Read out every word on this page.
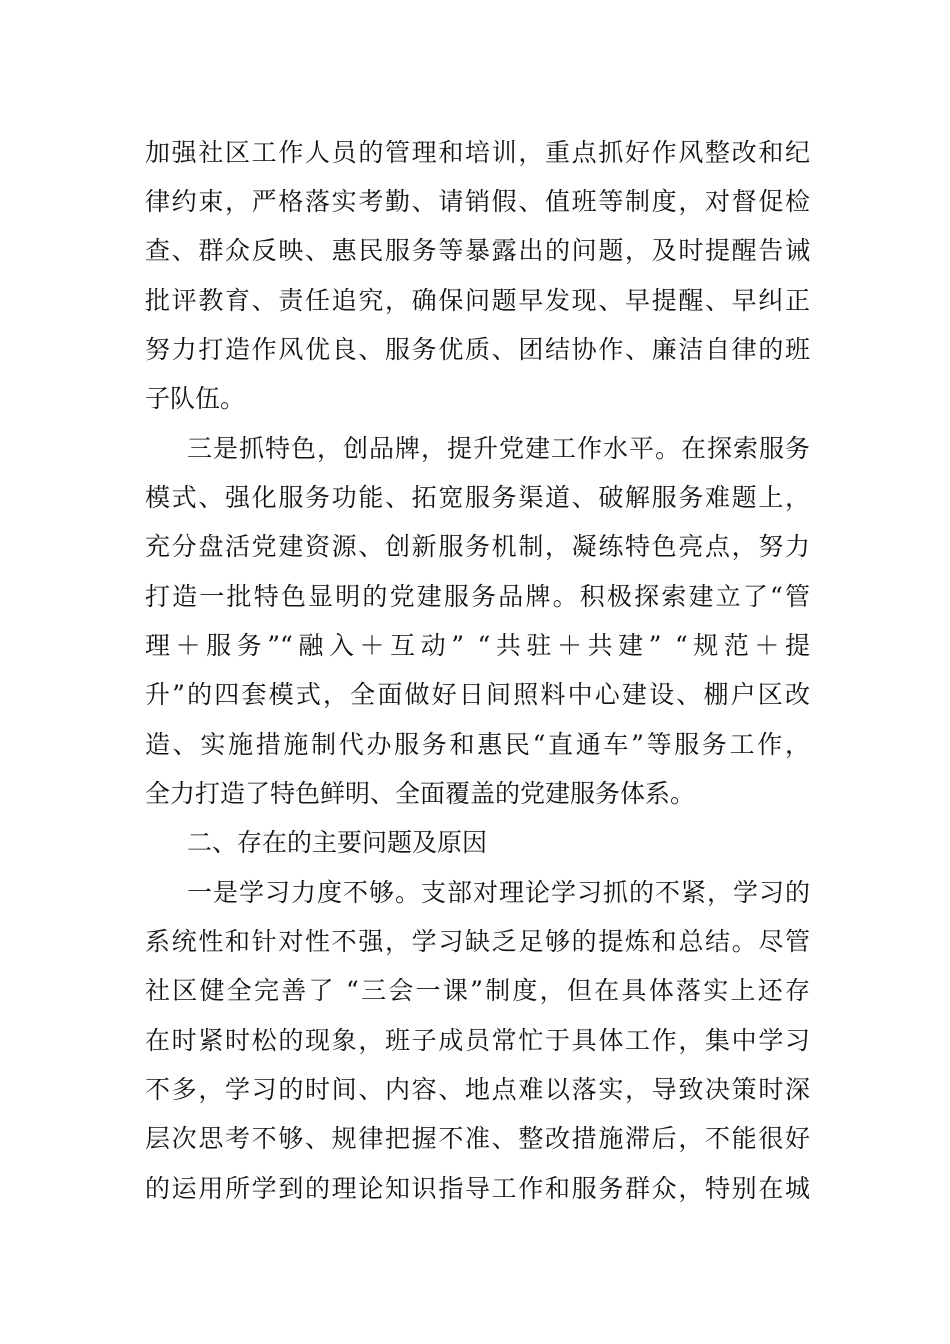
加强社区工作人员的管理和培训，重点抓好作风整改和纪
律约束，严格落实考勤、请销假、值班等制度，对督促检
查、群众反映、惠民服务等暴露出的问题，及时提醒告诫
批评教育、责任追究，确保问题早发现、早提醒、早纠正
努力打造作风优良、服务优质、团结协作、廉洁自律的班
子队伍。
三是抓特色，创品牌，提升党建工作水平。在探索服务
模式、强化服务功能、拓宽服务渠道、破解服务难题上，
充分盘活党建资源、创新服务机制，凝练特色亮点，努力
打造一批特色显明的党建服务品牌。积极探索建立了“管
理＋服务”“融入＋互动” “共驻＋共建” “规范＋提
升”的四套模式，全面做好日间照料中心建设、棚户区改
造、实施措施制代办服务和惠民“直通车”等服务工作，
全力打造了特色鲜明、全面覆盖的党建服务体系。
二、存在的主要问题及原因
一是学习力度不够。支部对理论学习抓的不紧，学习的
系统性和针对性不强，学习缺乏足够的提炼和总结。尽管
社区健全完善了 “三会一课”制度，但在具体落实上还存
在时紧时松的现象，班子成员常忙于具体工作，集中学习
不多，学习的时间、内容、地点难以落实，导致决策时深
层次思考不够、规律把握不准、整改措施滞后，不能很好
的运用所学到的理论知识指导工作和服务群众，特别在城
